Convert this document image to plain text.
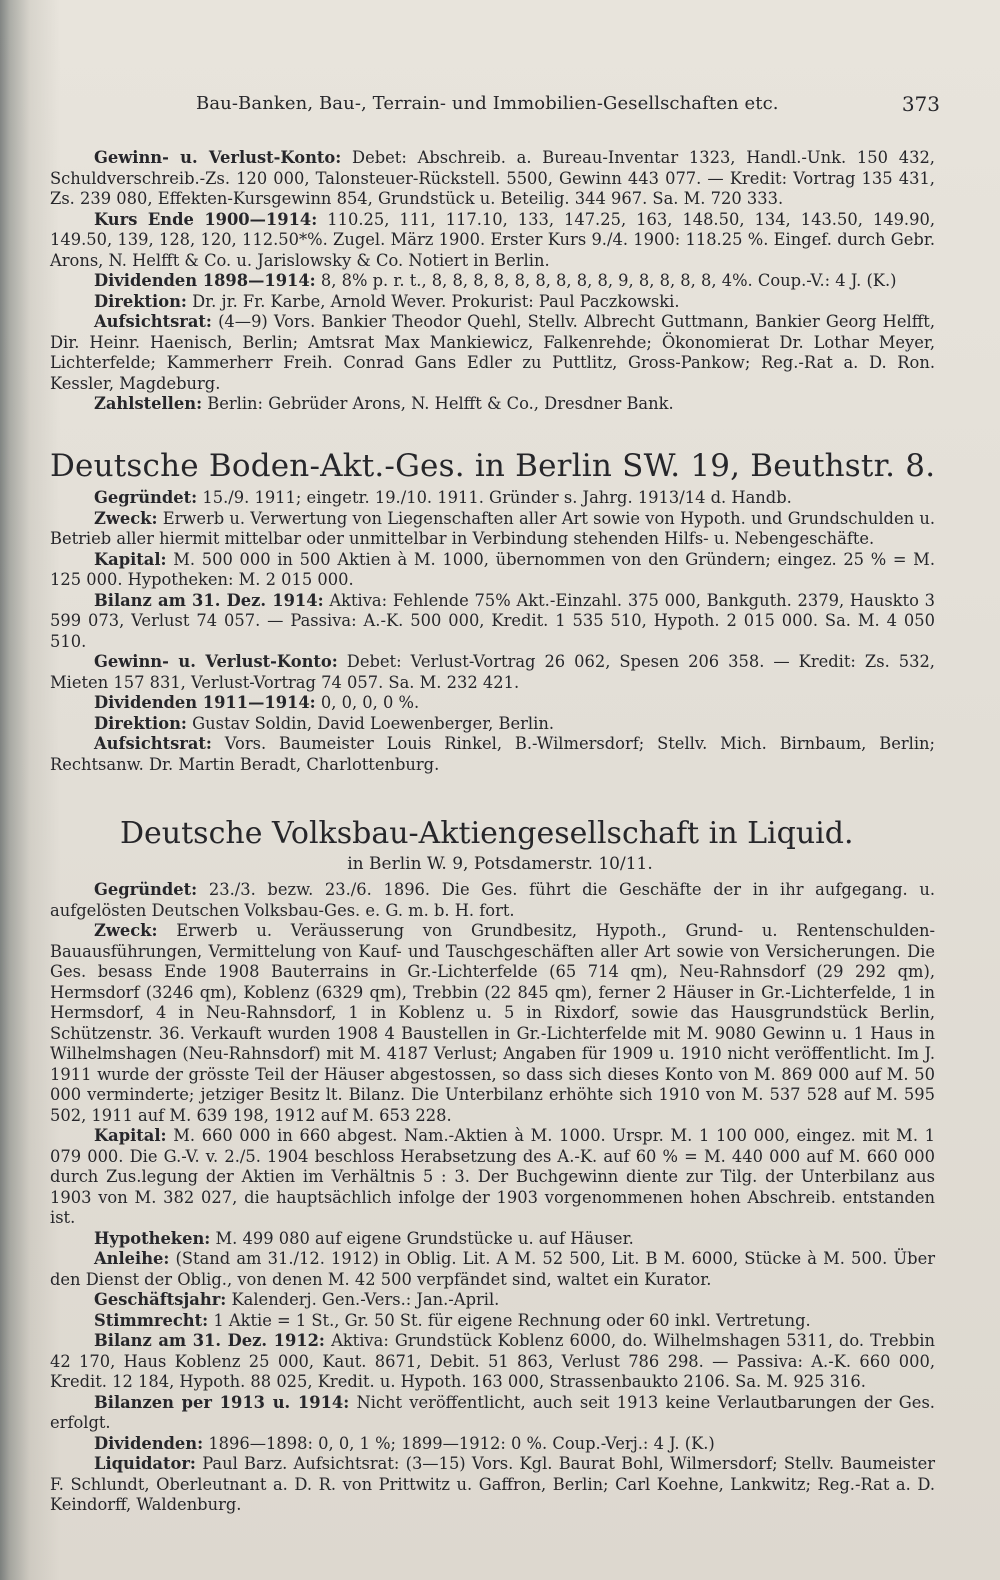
Bau-Banken, Bau-, Terrain- und Immobilien-Gesellschaften etc.	373

Gewinn- u. Verlust-Konto: Debet: Abschreib. a. Bureau-Inventar 1323, Handl.-Unk. 150 432, Schuldverschreib.-Zs. 120 000, Talonsteuer-Rückstell. 5500, Gewinn 443 077. — Kredit: Vortrag 135 431, Zs. 239 080, Effekten-Kursgewinn 854, Grundstück u. Beteilig. 344 967. Sa. M. 720 333.

Kurs Ende 1900—1914: 110.25, 111, 117.10, 133, 147.25, 163, 148.50, 134, 143.50, 149.90, 149.50, 139, 128, 120, 112.50*%. Zugel. März 1900. Erster Kurs 9./4. 1900: 118.25 %. Eingef. durch Gebr. Arons, N. Helfft & Co. u. Jarislowsky & Co. Notiert in Berlin.

Dividenden 1898—1914: 8, 8% p. r. t., 8, 8, 8, 8, 8, 8, 8, 8, 8, 9, 8, 8, 8, 8, 4%. Coup.-V.: 4 J. (K.)

Direktion: Dr. jr. Fr. Karbe, Arnold Wever. Prokurist: Paul Paczkowski.

Aufsichtsrat: (4—9) Vors. Bankier Theodor Quehl, Stellv. Albrecht Guttmann, Bankier Georg Helfft, Dir. Heinr. Haenisch, Berlin; Amtsrat Max Mankiewicz, Falkenrehde; Ökonomierat Dr. Lothar Meyer, Lichterfelde; Kammerherr Freih. Conrad Gans Edler zu Puttlitz, Gross-Pankow; Reg.-Rat a. D. Ron. Kessler, Magdeburg.

Zahlstellen: Berlin: Gebrüder Arons, N. Helfft & Co., Dresdner Bank.

Deutsche Boden-Akt.-Ges. in Berlin SW. 19, Beuthstr. 8.

Gegründet: 15./9. 1911; eingetr. 19./10. 1911. Gründer s. Jahrg. 1913/14 d. Handb.

Zweck: Erwerb u. Verwertung von Liegenschaften aller Art sowie von Hypoth. und Grundschulden u. Betrieb aller hiermit mittelbar oder unmittelbar in Verbindung stehenden Hilfs- u. Nebengeschäfte.

Kapital: M. 500 000 in 500 Aktien à M. 1000, übernommen von den Gründern; eingez. 25 % = M. 125 000. Hypotheken: M. 2 015 000.

Bilanz am 31. Dez. 1914: Aktiva: Fehlende 75% Akt.-Einzahl. 375 000, Bankguth. 2379, Hauskto 3 599 073, Verlust 74 057. — Passiva: A.-K. 500 000, Kredit. 1 535 510, Hypoth. 2 015 000. Sa. M. 4 050 510.

Gewinn- u. Verlust-Konto: Debet: Verlust-Vortrag 26 062, Spesen 206 358. — Kredit: Zs. 532, Mieten 157 831, Verlust-Vortrag 74 057. Sa. M. 232 421.

Dividenden 1911—1914: 0, 0, 0, 0 %.

Direktion: Gustav Soldin, David Loewenberger, Berlin.

Aufsichtsrat: Vors. Baumeister Louis Rinkel, B.-Wilmersdorf; Stellv. Mich. Birnbaum, Berlin; Rechtsanw. Dr. Martin Beradt, Charlottenburg.

Deutsche Volksbau-Aktiengesellschaft in Liquid.
in Berlin W. 9, Potsdamerstr. 10/11.

Gegründet: 23./3. bezw. 23./6. 1896. Die Ges. führt die Geschäfte der in ihr aufgegang. u. aufgelösten Deutschen Volksbau-Ges. e. G. m. b. H. fort.

Zweck: Erwerb u. Veräusserung von Grundbesitz, Hypoth., Grund- u. Rentenschulden-Bauausführungen, Vermittelung von Kauf- und Tauschgeschäften aller Art sowie von Versicherungen. Die Ges. besass Ende 1908 Bauterrains in Gr.-Lichterfelde (65 714 qm), Neu-Rahnsdorf (29 292 qm), Hermsdorf (3246 qm), Koblenz (6329 qm), Trebbin (22 845 qm), ferner 2 Häuser in Gr.-Lichterfelde, 1 in Hermsdorf, 4 in Neu-Rahnsdorf, 1 in Koblenz u. 5 in Rixdorf, sowie das Hausgrundstück Berlin, Schützenstr. 36. Verkauft wurden 1908 4 Baustellen in Gr.-Lichterfelde mit M. 9080 Gewinn u. 1 Haus in Wilhelmshagen (Neu-Rahnsdorf) mit M. 4187 Verlust; Angaben für 1909 u. 1910 nicht veröffentlicht. Im J. 1911 wurde der grösste Teil der Häuser abgestossen, so dass sich dieses Konto von M. 869 000 auf M. 50 000 verminderte; jetziger Besitz lt. Bilanz. Die Unterbilanz erhöhte sich 1910 von M. 537 528 auf M. 595 502, 1911 auf M. 639 198, 1912 auf M. 653 228.

Kapital: M. 660 000 in 660 abgest. Nam.-Aktien à M. 1000. Urspr. M. 1 100 000, eingez. mit M. 1 079 000. Die G.-V. v. 2./5. 1904 beschloss Herabsetzung des A.-K. auf 60 % = M. 440 000 auf M. 660 000 durch Zus.legung der Aktien im Verhältnis 5 : 3. Der Buchgewinn diente zur Tilg. der Unterbilanz aus 1903 von M. 382 027, die hauptsächlich infolge der 1903 vorgenommenen hohen Abschreib. entstanden ist.

Hypotheken: M. 499 080 auf eigene Grundstücke u. auf Häuser.

Anleihe: (Stand am 31./12. 1912) in Oblig. Lit. A M. 52 500, Lit. B M. 6000, Stücke à M. 500. Über den Dienst der Oblig., von denen M. 42 500 verpfändet sind, waltet ein Kurator.

Geschäftsjahr: Kalenderj. Gen.-Vers.: Jan.-April.

Stimmrecht: 1 Aktie = 1 St., Gr. 50 St. für eigene Rechnung oder 60 inkl. Vertretung.

Bilanz am 31. Dez. 1912: Aktiva: Grundstück Koblenz 6000, do. Wilhelmshagen 5311, do. Trebbin 42 170, Haus Koblenz 25 000, Kaut. 8671, Debit. 51 863, Verlust 786 298. — Passiva: A.-K. 660 000, Kredit. 12 184, Hypoth. 88 025, Kredit. u. Hypoth. 163 000, Strassenbaukto 2106. Sa. M. 925 316.

Bilanzen per 1913 u. 1914: Nicht veröffentlicht, auch seit 1913 keine Verlautbarungen der Ges. erfolgt.

Dividenden: 1896—1898: 0, 0, 1 %; 1899—1912: 0 %. Coup.-Verj.: 4 J. (K.)

Liquidator: Paul Barz. Aufsichtsrat: (3—15) Vors. Kgl. Baurat Bohl, Wilmersdorf; Stellv. Baumeister F. Schlundt, Oberleutnant a. D. R. von Prittwitz u. Gaffron, Berlin; Carl Koehne, Lankwitz; Reg.-Rat a. D. Keindorff, Waldenburg.
